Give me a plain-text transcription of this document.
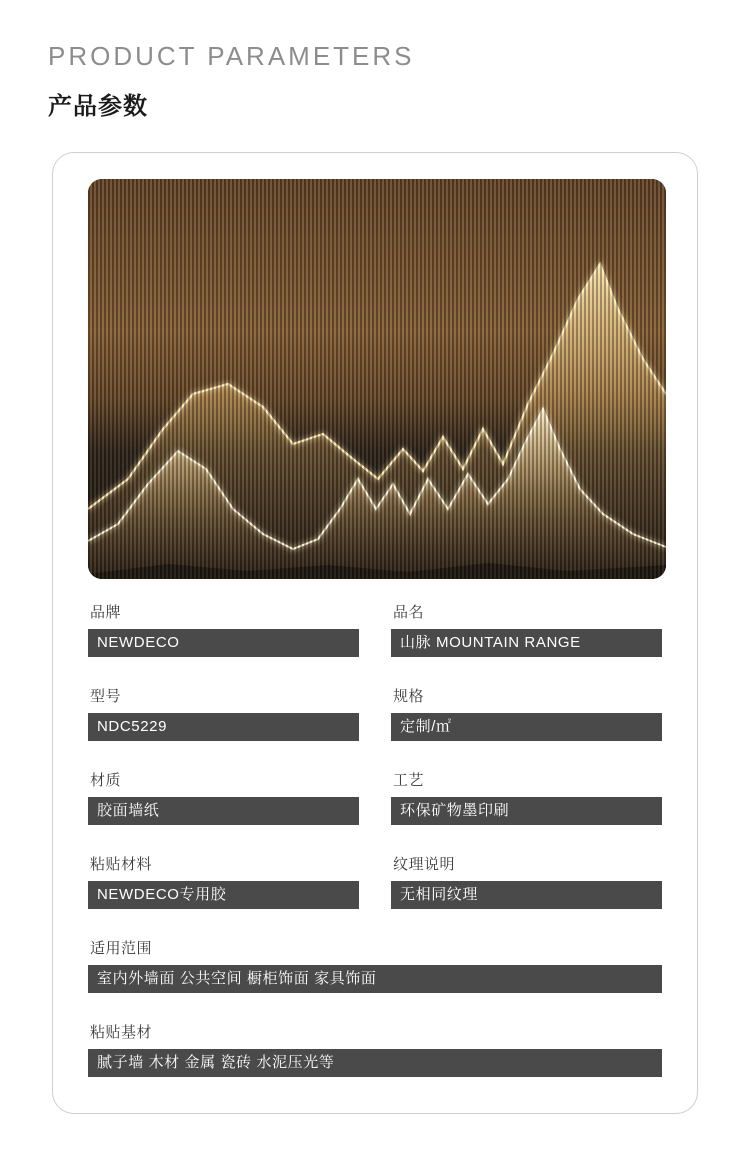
PRODUCT PARAMETERS
产品参数
品牌
NEWDECO
品名
山脉 MOUNTAIN RANGE
型号
NDC5229
规格
定制/㎡
材质
胶面墙纸
工艺
环保矿物墨印刷
粘贴材料
NEWDECO专用胶
纹理说明
无相同纹理
适用范围
室内外墙面 公共空间 橱柜饰面 家具饰面
粘贴基材
腻子墙 木材 金属 瓷砖 水泥压光等
